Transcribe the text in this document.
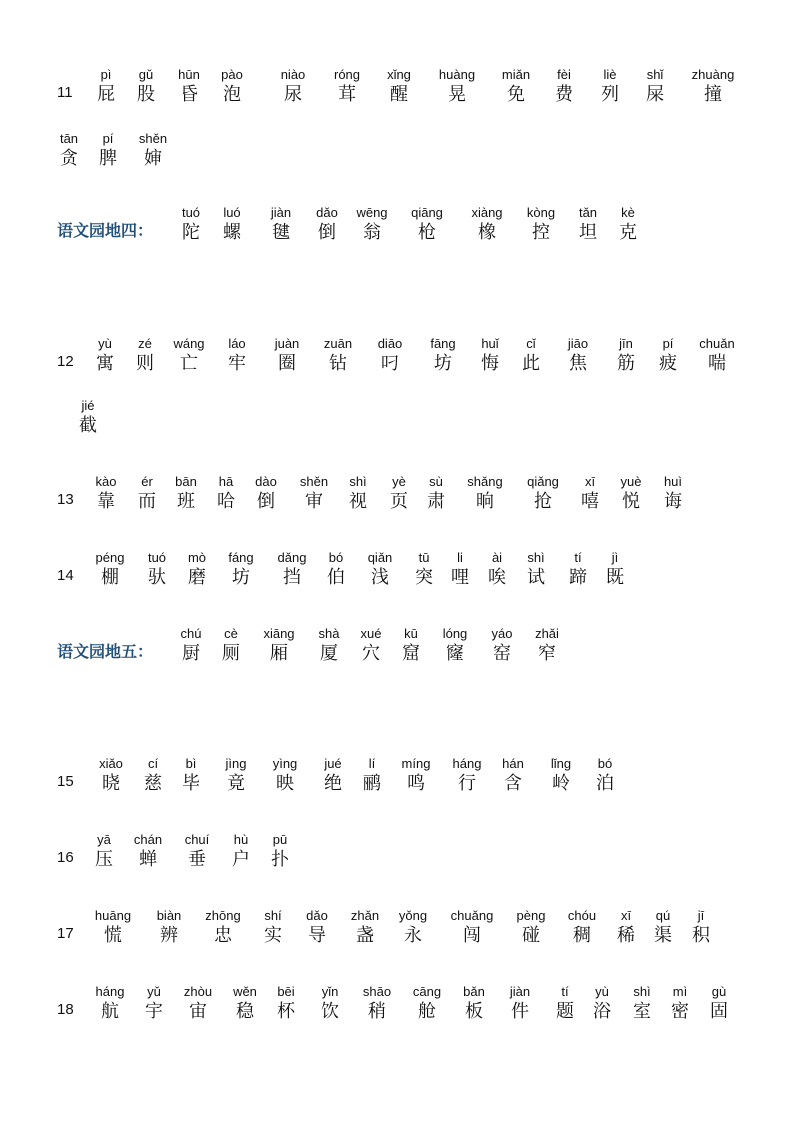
11
pì
屁
gǔ
股
hūn
昏
pào
泡
niào
尿
róng
茸
xǐng
醒
huàng
晃
miǎn
免
fèi
费
liè
列
shǐ
屎
zhuàng
撞
tān
贪
pí
脾
shěn
婶
语文园地四：
tuó
陀
luó
螺
jiàn
毽
dǎo
倒
wēng
翁
qiāng
枪
xiàng
橡
kòng
控
tǎn
坦
kè
克
12
yù
寓
zé
则
wáng
亡
láo
牢
juàn
圈
zuān
钻
diāo
叼
fāng
坊
huǐ
悔
cǐ
此
jiāo
焦
jīn
筋
pí
疲
chuǎn
喘
jié
截
13
kào
靠
ér
而
bān
班
hā
哈
dào
倒
shěn
审
shì
视
yè
页
sù
肃
shǎng
晌
qiǎng
抢
xī
嘻
yuè
悦
huì
诲
14
péng
棚
tuó
驮
mò
磨
fáng
坊
dǎng
挡
bó
伯
qiǎn
浅
tū
突
li
哩
ài
唉
shì
试
tí
蹄
jì
既
语文园地五：
chú
厨
cè
厕
xiāng
厢
shà
厦
xué
穴
kū
窟
lóng
窿
yáo
窑
zhǎi
窄
15
xiǎo
晓
cí
慈
bì
毕
jìng
竟
yìng
映
jué
绝
lí
鹂
míng
鸣
háng
行
hán
含
lǐng
岭
bó
泊
16
yā
压
chán
蝉
chuí
垂
hù
户
pū
扑
17
huāng
慌
biàn
辨
zhōng
忠
shí
实
dǎo
导
zhǎn
盏
yǒng
永
chuǎng
闯
pèng
碰
chóu
稠
xī
稀
qú
渠
jī
积
18
háng
航
yǔ
宇
zhòu
宙
wěn
稳
bēi
杯
yǐn
饮
shāo
稍
cāng
舱
bǎn
板
jiàn
件
tí
题
yù
浴
shì
室
mì
密
gù
固
